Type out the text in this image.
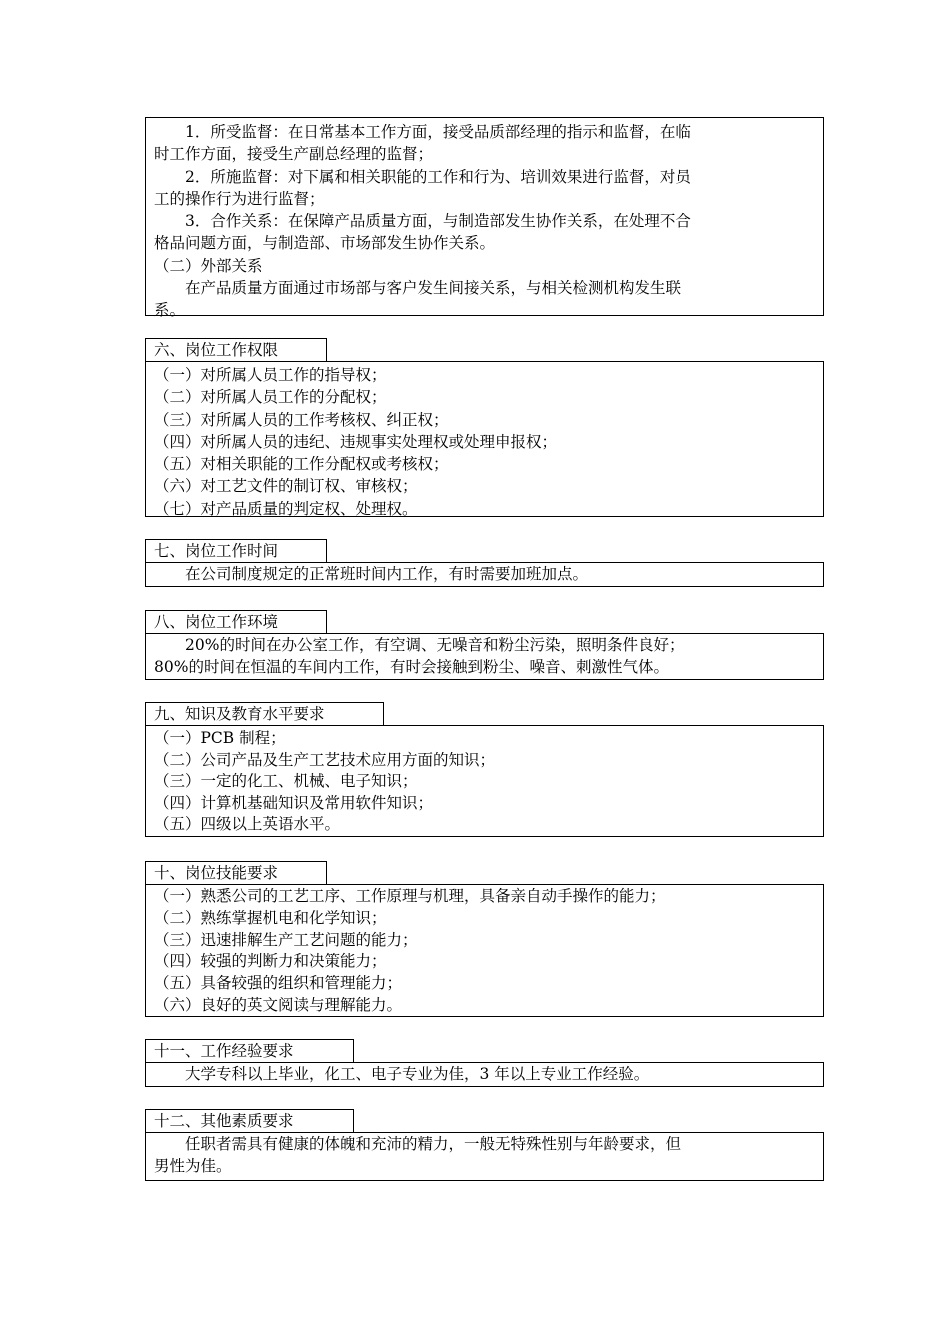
1．所受监督：在日常基本工作方面，接受品质部经理的指示和监督，在临

时工作方面，接受生产副总经理的监督；

2．所施监督：对下属和相关职能的工作和行为、培训效果进行监督，对员

工的操作行为进行监督；

3．合作关系：在保障产品质量方面，与制造部发生协作关系，在处理不合

格品问题方面，与制造部、市场部发生协作关系。

（二）外部关系

在产品质量方面通过市场部与客户发生间接关系，与相关检测机构发生联

系。

六、岗位工作权限

（一）对所属人员工作的指导权；

（二）对所属人员工作的分配权；

（三）对所属人员的工作考核权、纠正权；

（四）对所属人员的违纪、违规事实处理权或处理申报权；

（五）对相关职能的工作分配权或考核权；

（六）对工艺文件的制订权、审核权；

（七）对产品质量的判定权、处理权。

七、岗位工作时间

在公司制度规定的正常班时间内工作，有时需要加班加点。

八、岗位工作环境

20%的时间在办公室工作，有空调、无噪音和粉尘污染，照明条件良好；

80%的时间在恒温的车间内工作，有时会接触到粉尘、噪音、刺激性气体。

九、知识及教育水平要求

（一）PCB 制程；

（二）公司产品及生产工艺技术应用方面的知识；

（三）一定的化工、机械、电子知识；

（四）计算机基础知识及常用软件知识；

（五）四级以上英语水平。

十、岗位技能要求

（一）熟悉公司的工艺工序、工作原理与机理，具备亲自动手操作的能力；

（二）熟练掌握机电和化学知识；

（三）迅速排解生产工艺问题的能力；

（四）较强的判断力和决策能力；

（五）具备较强的组织和管理能力；

（六）良好的英文阅读与理解能力。

十一、工作经验要求

大学专科以上毕业，化工、电子专业为佳，3 年以上专业工作经验。

十二、其他素质要求

任职者需具有健康的体魄和充沛的精力，一般无特殊性别与年龄要求，但

男性为佳。
